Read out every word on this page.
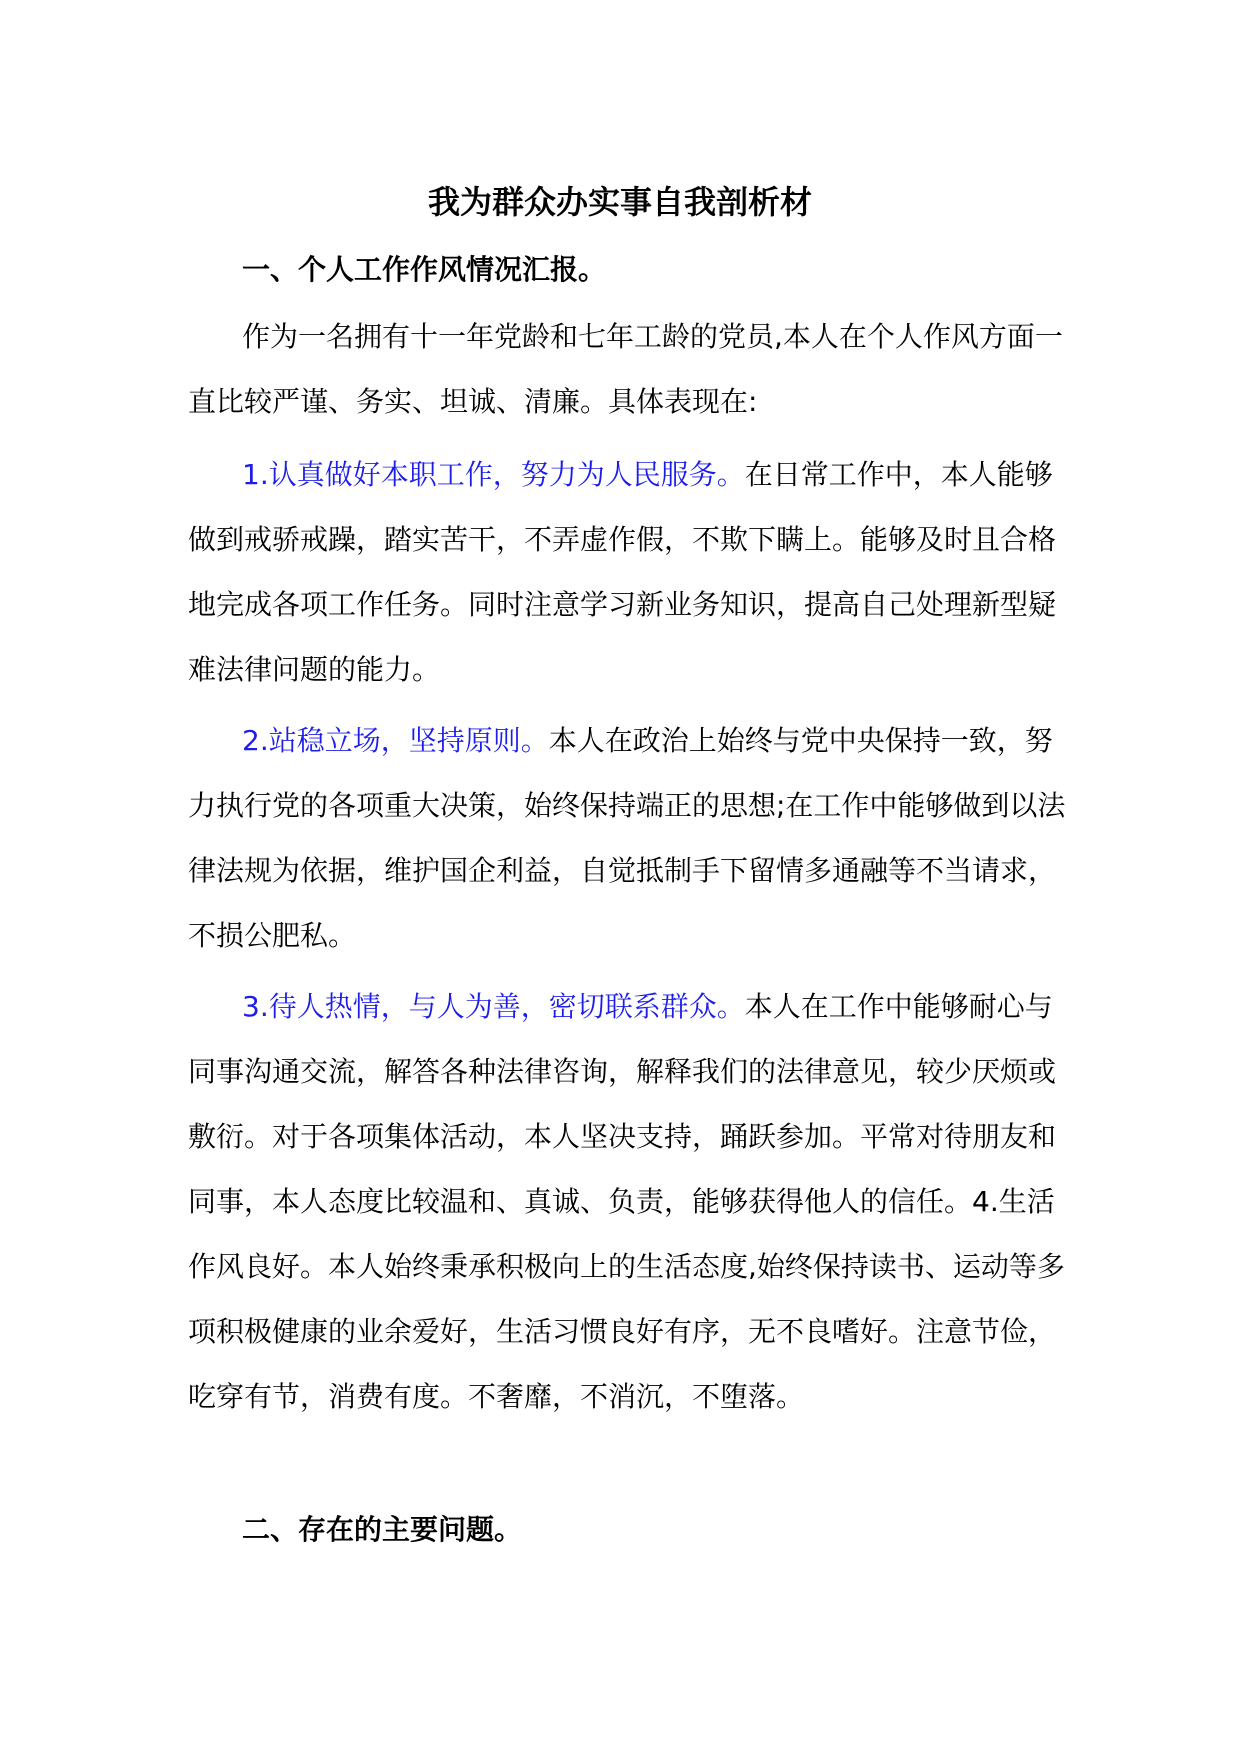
我为群众办实事自我剖析材
一、个人工作作风情况汇报。

作为一名拥有十一年党龄和七年工龄的党员,本人在个人作风方面一直比较严谨、务实、坦诚、清廉。具体表现在:

1.认真做好本职工作，努力为人民服务。在日常工作中，本人能够做到戒骄戒躁，踏实苦干，不弄虚作假，不欺下瞒上。能够及时且合格地完成各项工作任务。同时注意学习新业务知识，提高自己处理新型疑难法律问题的能力。

2.站稳立场，坚持原则。本人在政治上始终与党中央保持一致，努力执行党的各项重大决策，始终保持端正的思想;在工作中能够做到以法律法规为依据，维护国企利益，自觉抵制手下留情多通融等不当请求，不损公肥私。

3.待人热情，与人为善，密切联系群众。本人在工作中能够耐心与同事沟通交流，解答各种法律咨询，解释我们的法律意见，较少厌烦或敷衍。对于各项集体活动，本人坚决支持，踊跃参加。平常对待朋友和同事，本人态度比较温和、真诚、负责，能够获得他人的信任。4.生活作风良好。本人始终秉承积极向上的生活态度,始终保持读书、运动等多项积极健康的业余爱好，生活习惯良好有序，无不良嗜好。注意节俭，吃穿有节，消费有度。不奢靡，不消沉，不堕落。

二、存在的主要问题。
